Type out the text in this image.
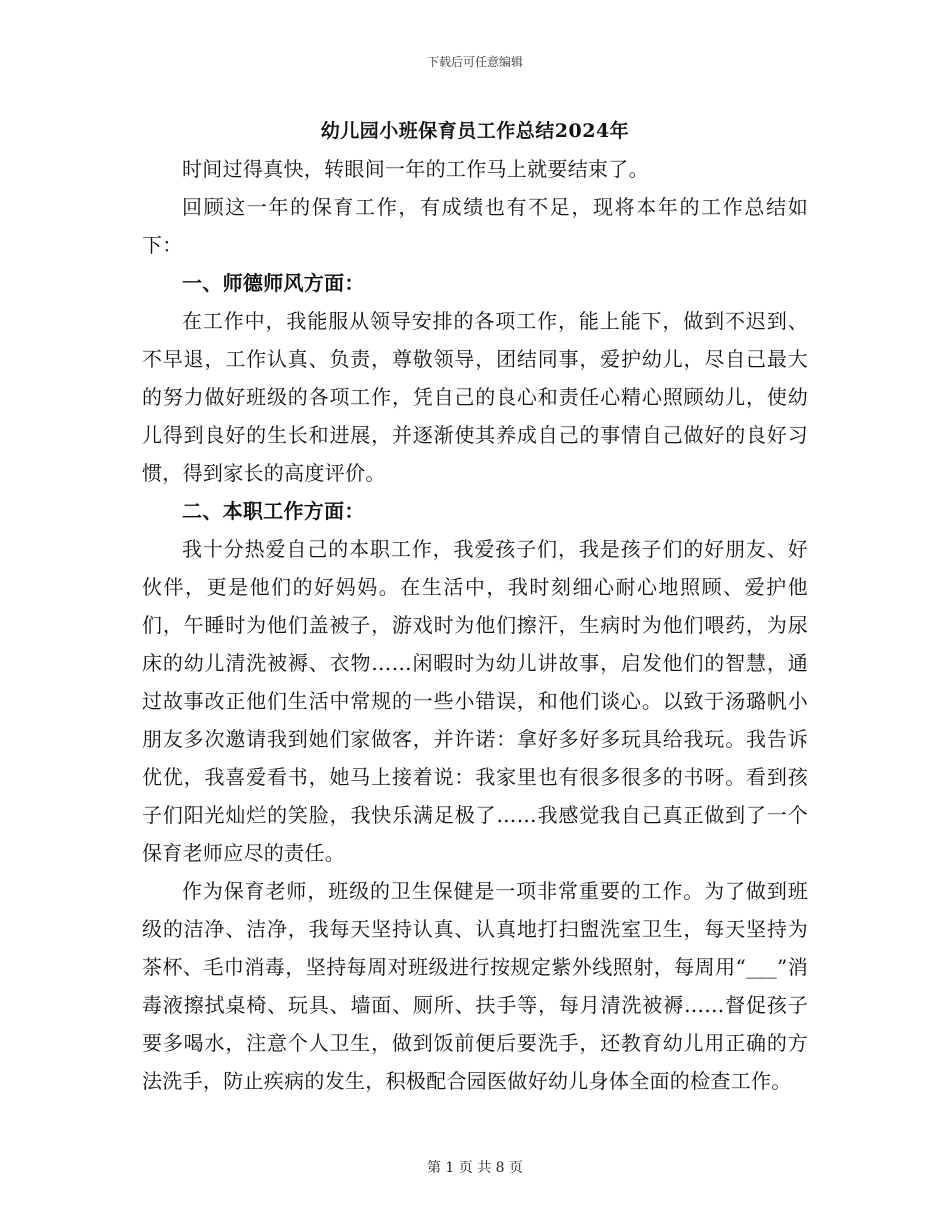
下载后可任意编辑
幼儿园小班保育员工作总结2024年

时间过得真快，转眼间一年的工作马上就要结束了。

回顾这一年的保育工作，有成绩也有不足，现将本年的工作总结如下：

一、师德师风方面：

在工作中，我能服从领导安排的各项工作，能上能下，做到不迟到、不早退，工作认真、负责，尊敬领导，团结同事，爱护幼儿，尽自己最大的努力做好班级的各项工作，凭自己的良心和责任心精心照顾幼儿，使幼儿得到良好的生长和进展，并逐渐使其养成自己的事情自己做好的良好习惯，得到家长的高度评价。

二、本职工作方面：

我十分热爱自己的本职工作，我爱孩子们，我是孩子们的好朋友、好伙伴，更是他们的好妈妈。在生活中，我时刻细心耐心地照顾、爱护他们，午睡时为他们盖被子，游戏时为他们擦汗，生病时为他们喂药，为尿床的幼儿清洗被褥、衣物……闲暇时为幼儿讲故事，启发他们的智慧，通过故事改正他们生活中常规的一些小错误，和他们谈心。以致于汤璐帆小朋友多次邀请我到她们家做客，并许诺：拿好多好多玩具给我玩。我告诉优优，我喜爱看书，她马上接着说：我家里也有很多很多的书呀。看到孩子们阳光灿烂的笑脸，我快乐满足极了……我感觉我自己真正做到了一个保育老师应尽的责任。

作为保育老师，班级的卫生保健是一项非常重要的工作。为了做到班级的洁净、洁净，我每天坚持认真、认真地打扫盥洗室卫生，每天坚持为茶杯、毛巾消毒，坚持每周对班级进行按规定紫外线照射，每周用“___”消毒液擦拭桌椅、玩具、墙面、厕所、扶手等，每月清洗被褥……督促孩子要多喝水，注意个人卫生，做到饭前便后要洗手，还教育幼儿用正确的方法洗手，防止疾病的发生，积极配合园医做好幼儿身体全面的检查工作。

第 1 页 共 8 页
